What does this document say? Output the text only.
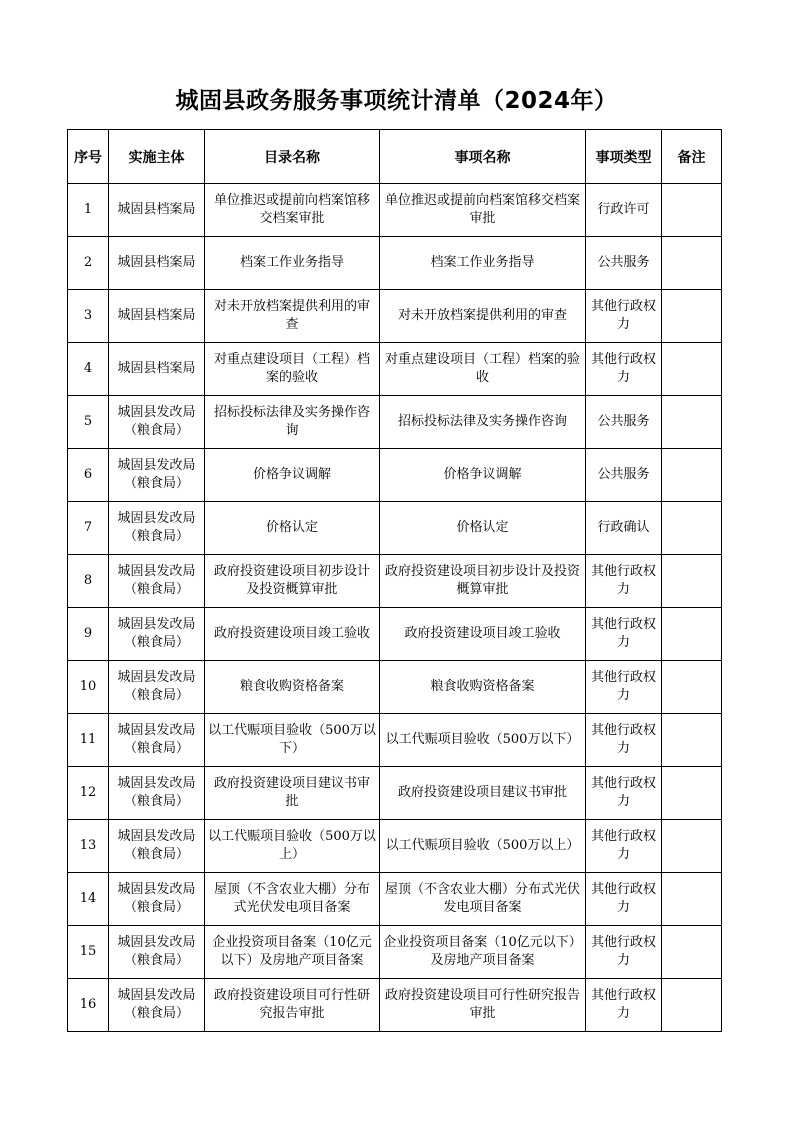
城固县政务服务事项统计清单（2024年）
序号	实施主体	目录名称	事项名称	事项类型	备注
1	城固县档案局	单位推迟或提前向档案馆移交档案审批	单位推迟或提前向档案馆移交档案审批	行政许可	
2	城固县档案局	档案工作业务指导	档案工作业务指导	公共服务	
3	城固县档案局	对未开放档案提供利用的审查	对未开放档案提供利用的审查	其他行政权力	
4	城固县档案局	对重点建设项目（工程）档案的验收	对重点建设项目（工程）档案的验收	其他行政权力	
5	城固县发改局（粮食局）	招标投标法律及实务操作咨询	招标投标法律及实务操作咨询	公共服务	
6	城固县发改局（粮食局）	价格争议调解	价格争议调解	公共服务	
7	城固县发改局（粮食局）	价格认定	价格认定	行政确认	
8	城固县发改局（粮食局）	政府投资建设项目初步设计及投资概算审批	政府投资建设项目初步设计及投资概算审批	其他行政权力	
9	城固县发改局（粮食局）	政府投资建设项目竣工验收	政府投资建设项目竣工验收	其他行政权力	
10	城固县发改局（粮食局）	粮食收购资格备案	粮食收购资格备案	其他行政权力	
11	城固县发改局（粮食局）	以工代赈项目验收（500万以下）	以工代赈项目验收（500万以下）	其他行政权力	
12	城固县发改局（粮食局）	政府投资建设项目建议书审批	政府投资建设项目建议书审批	其他行政权力	
13	城固县发改局（粮食局）	以工代赈项目验收（500万以上）	以工代赈项目验收（500万以上）	其他行政权力	
14	城固县发改局（粮食局）	屋顶（不含农业大棚）分布式光伏发电项目备案	屋顶（不含农业大棚）分布式光伏发电项目备案	其他行政权力	
15	城固县发改局（粮食局）	企业投资项目备案（10亿元以下）及房地产项目备案	企业投资项目备案（10亿元以下）及房地产项目备案	其他行政权力	
16	城固县发改局（粮食局）	政府投资建设项目可行性研究报告审批	政府投资建设项目可行性研究报告审批	其他行政权力	
